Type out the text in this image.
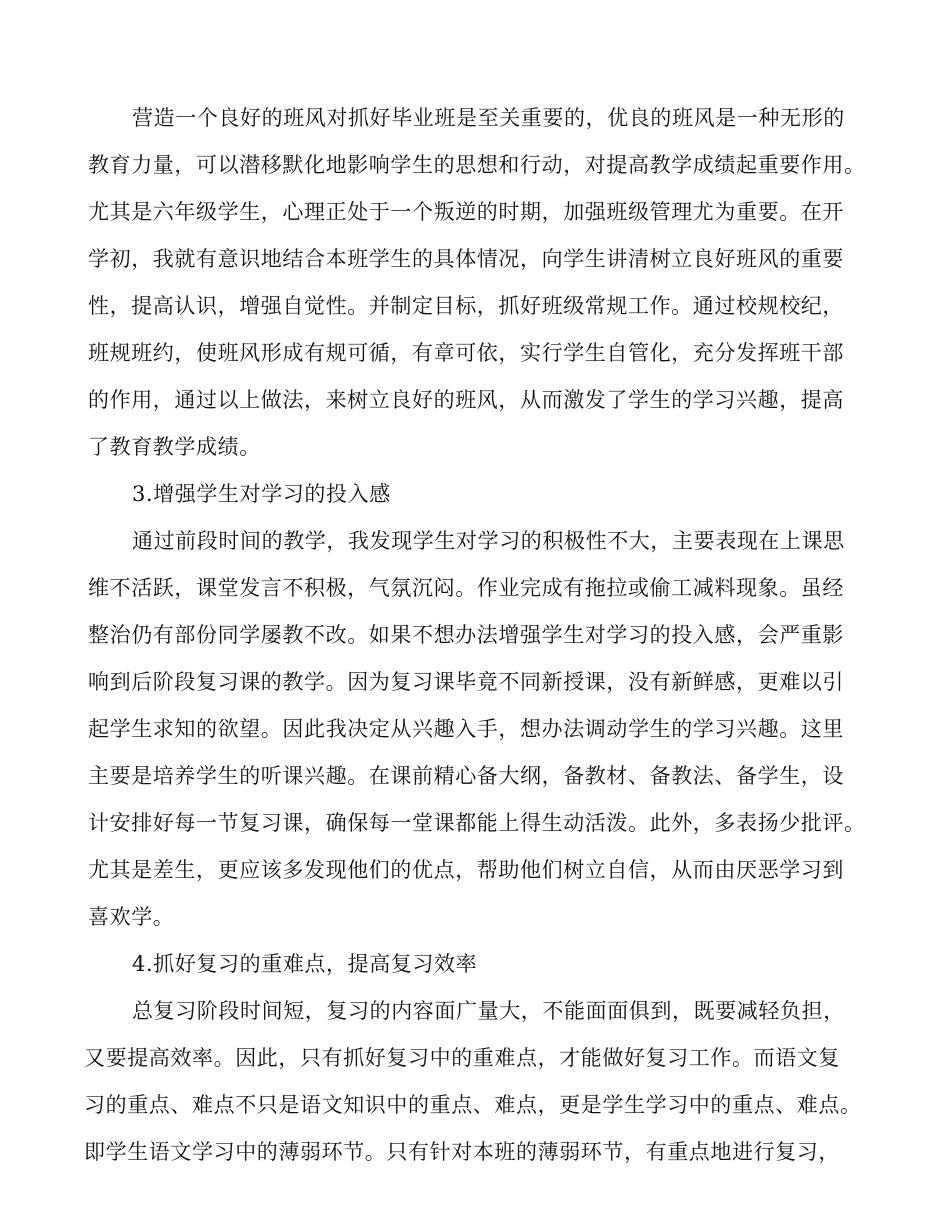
营造一个良好的班风对抓好毕业班是至关重要的，优良的班风是一种无形的
教育力量，可以潜移默化地影响学生的思想和行动，对提高教学成绩起重要作用。
尤其是六年级学生，心理正处于一个叛逆的时期，加强班级管理尤为重要。在开
学初，我就有意识地结合本班学生的具体情况，向学生讲清树立良好班风的重要
性，提高认识，增强自觉性。并制定目标，抓好班级常规工作。通过校规校纪，
班规班约，使班风形成有规可循，有章可依，实行学生自管化，充分发挥班干部
的作用，通过以上做法，来树立良好的班风，从而激发了学生的学习兴趣，提高
了教育教学成绩。
3.增强学生对学习的投入感
通过前段时间的教学，我发现学生对学习的积极性不大，主要表现在上课思
维不活跃，课堂发言不积极，气氛沉闷。作业完成有拖拉或偷工减料现象。虽经
整治仍有部份同学屡教不改。如果不想办法增强学生对学习的投入感，会严重影
响到后阶段复习课的教学。因为复习课毕竟不同新授课，没有新鲜感，更难以引
起学生求知的欲望。因此我决定从兴趣入手，想办法调动学生的学习兴趣。这里
主要是培养学生的听课兴趣。在课前精心备大纲，备教材、备教法、备学生，设
计安排好每一节复习课，确保每一堂课都能上得生动活泼。此外，多表扬少批评。
尤其是差生，更应该多发现他们的优点，帮助他们树立自信，从而由厌恶学习到
喜欢学。
4.抓好复习的重难点，提高复习效率
总复习阶段时间短，复习的内容面广量大，不能面面俱到，既要减轻负担，
又要提高效率。因此，只有抓好复习中的重难点，才能做好复习工作。而语文复
习的重点、难点不只是语文知识中的重点、难点，更是学生学习中的重点、难点。
即学生语文学习中的薄弱环节。只有针对本班的薄弱环节，有重点地进行复习，
